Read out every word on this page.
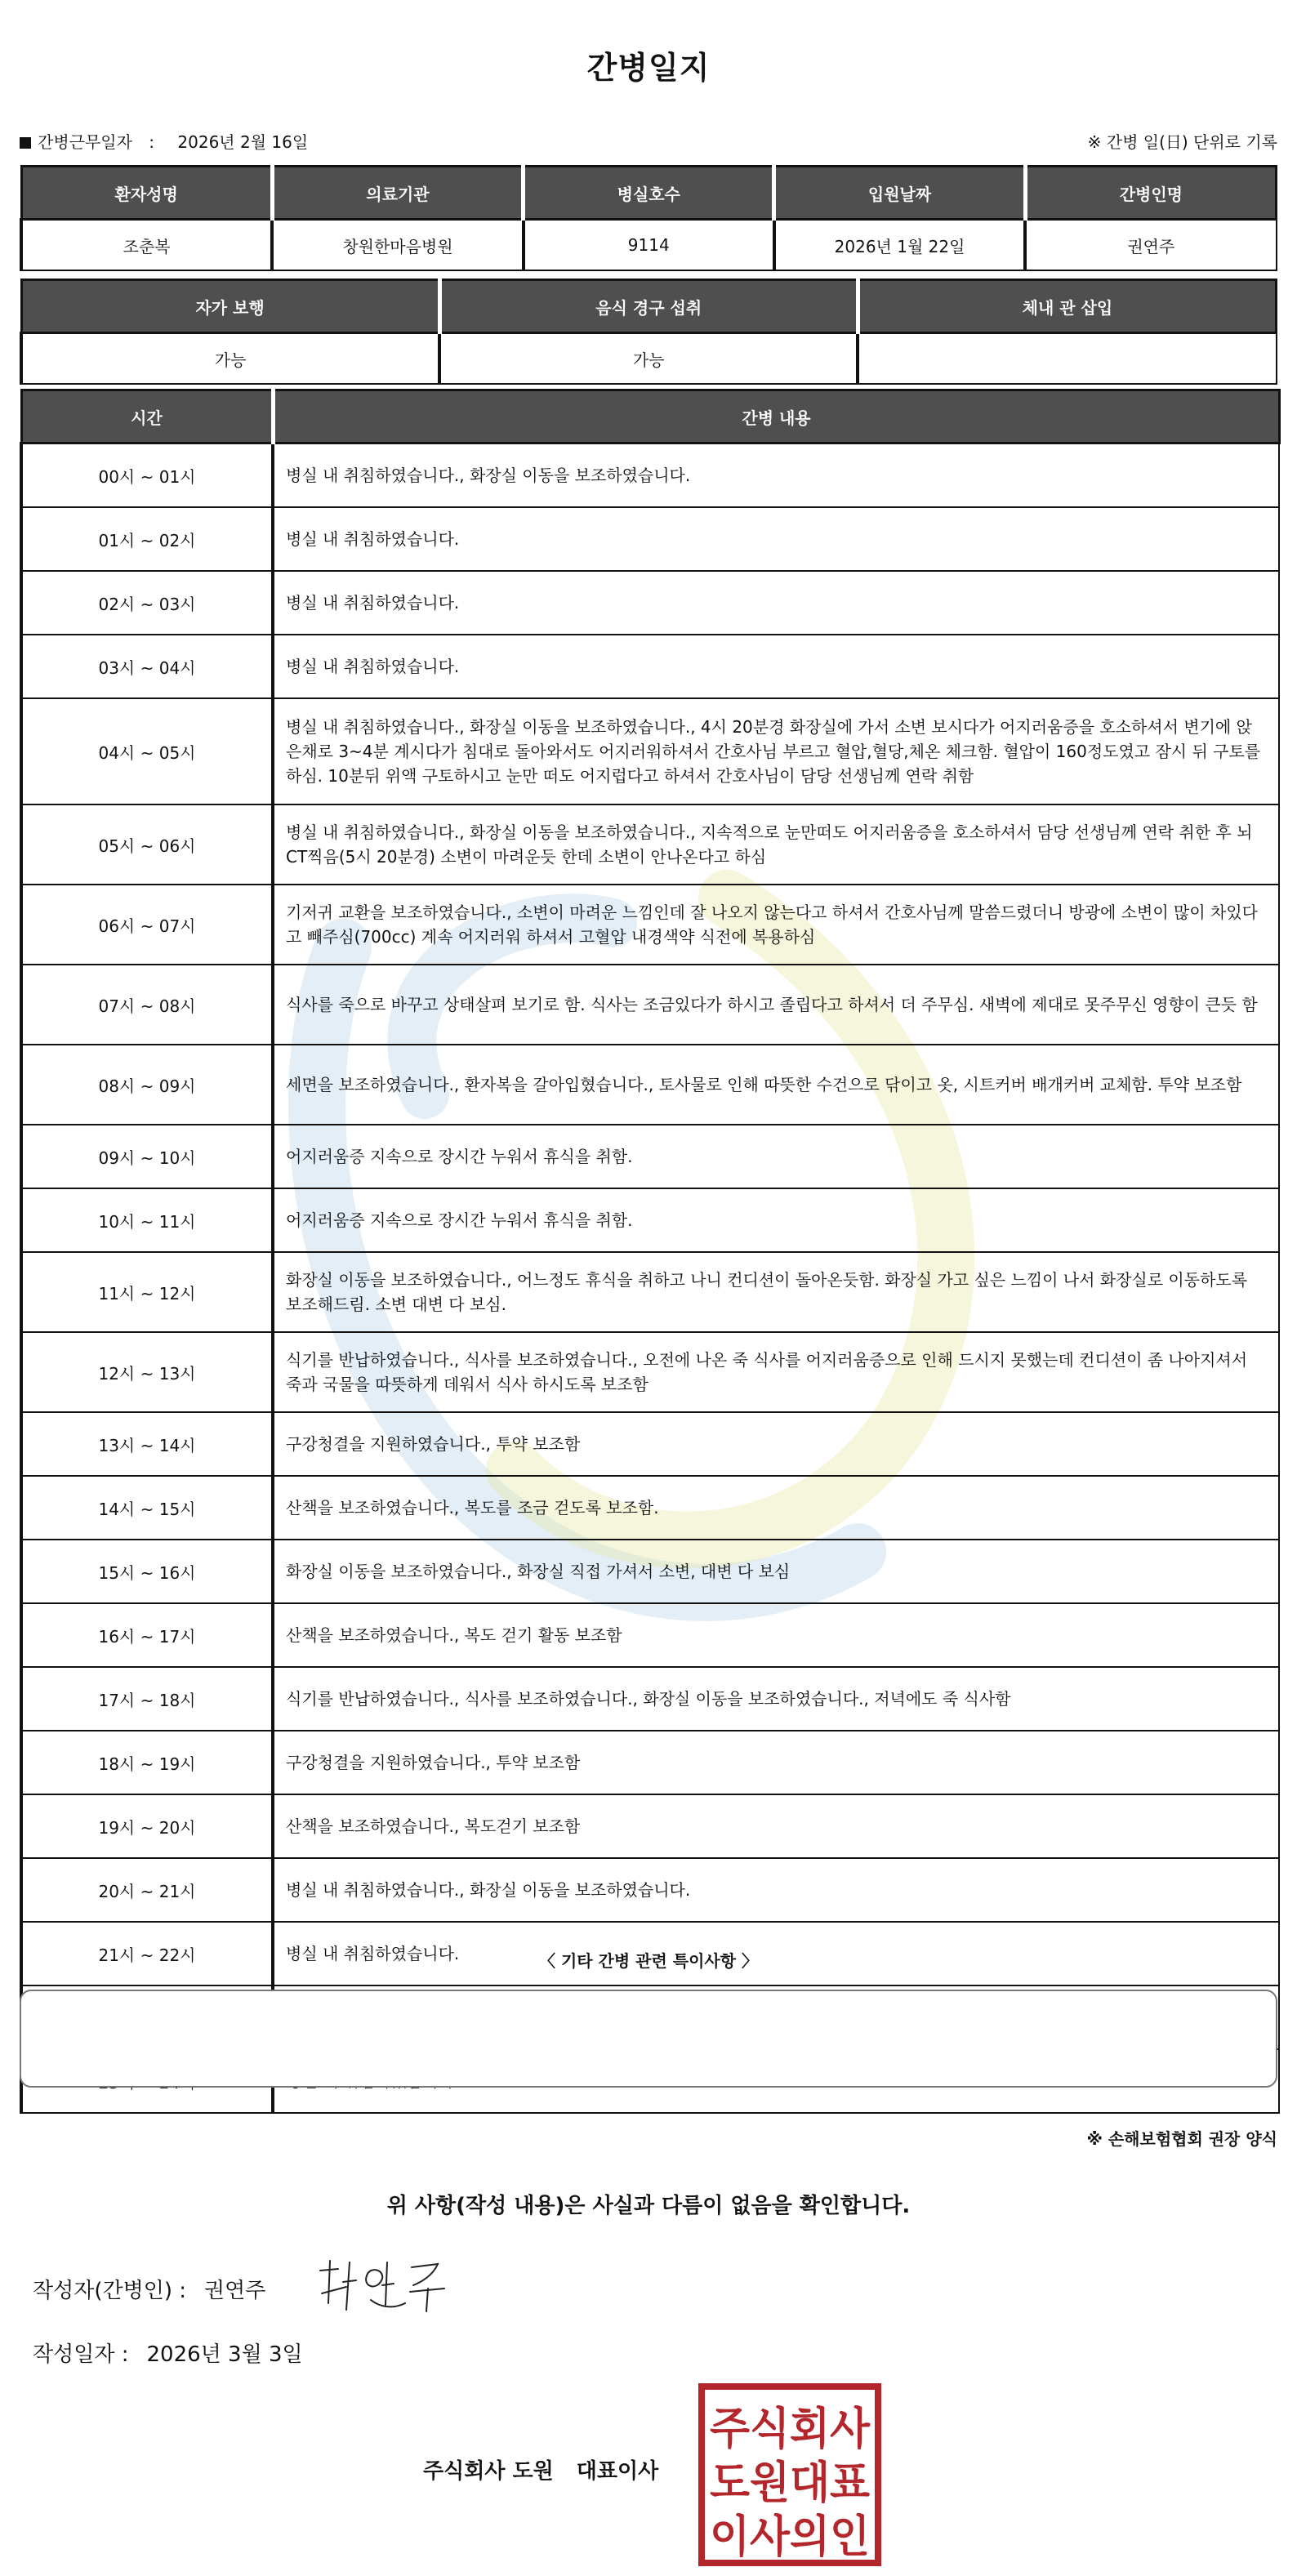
간병일지
간병근무일자 : 2026년 2월 16일	※ 간병 일(日) 단위로 기록
환자성명	의료기관	병실호수	입원날짜	간병인명
조춘복	창원한마음병원	9114	2026년 1월 22일	권연주
자가 보행	음식 경구 섭취	체내 관 삽입
가능	가능	
시간	간병 내용
00시 ~ 01시	병실 내 취침하였습니다., 화장실 이동을 보조하였습니다.
01시 ~ 02시	병실 내 취침하였습니다.
02시 ~ 03시	병실 내 취침하였습니다.
03시 ~ 04시	병실 내 취침하였습니다.
04시 ~ 05시	병실 내 취침하였습니다., 화장실 이동을 보조하였습니다., 4시 20분경 화장실에 가서 소변 보시다가 어지러움증을 호소하셔서 변기에 앉은채로 3~4분 계시다가 침대로 돌아와서도 어지러워하셔서 간호사님 부르고 혈압,혈당,체온 체크함. 혈압이 160정도였고 잠시 뒤 구토를 하심. 10분뒤 위액 구토하시고 눈만 떠도 어지럽다고 하셔서 간호사님이 담당 선생님께 연락 취함
05시 ~ 06시	병실 내 취침하였습니다., 화장실 이동을 보조하였습니다., 지속적으로 눈만떠도 어지러움증을 호소하셔서 담당 선생님께 연락 취한 후 뇌CT찍음(5시 20분경) 소변이 마려운듯 한데 소변이 안나온다고 하심
06시 ~ 07시	기저귀 교환을 보조하였습니다., 소변이 마려운 느낌인데 잘 나오지 않는다고 하셔서 간호사님께 말씀드렸더니 방광에 소변이 많이 차있다고 빼주심(700cc) 계속 어지러워 하셔서 고혈압 내경색약 식전에 복용하심
07시 ~ 08시	식사를 죽으로 바꾸고 상태살펴 보기로 함. 식사는 조금있다가 하시고 졸립다고 하셔서 더 주무심. 새벽에 제대로 못주무신 영향이 큰듯 함
08시 ~ 09시	세면을 보조하였습니다., 환자복을 갈아입혔습니다., 토사물로 인해 따뜻한 수건으로 닦이고 옷, 시트커버 배개커버 교체함. 투약 보조함
09시 ~ 10시	어지러움증 지속으로 장시간 누워서 휴식을 취함.
10시 ~ 11시	어지러움증 지속으로 장시간 누워서 휴식을 취함.
11시 ~ 12시	화장실 이동을 보조하였습니다., 어느정도 휴식을 취하고 나니 컨디션이 돌아온듯함. 화장실 가고 싶은 느낌이 나서 화장실로 이동하도록 보조해드림. 소변 대변 다 보심.
12시 ~ 13시	식기를 반납하였습니다., 식사를 보조하였습니다., 오전에 나온 죽 식사를 어지러움증으로 인해 드시지 못했는데 컨디션이 좀 나아지셔서 죽과 국물을 따뜻하게 데워서 식사 하시도록 보조함
13시 ~ 14시	구강청결을 지원하였습니다., 투약 보조함
14시 ~ 15시	산책을 보조하였습니다., 복도를 조금 걷도록 보조함.
15시 ~ 16시	화장실 이동을 보조하였습니다., 화장실 직접 가셔서 소변, 대변 다 보심
16시 ~ 17시	산책을 보조하였습니다., 복도 걷기 활동 보조함
17시 ~ 18시	식기를 반납하였습니다., 식사를 보조하였습니다., 화장실 이동을 보조하였습니다., 저녁에도 죽 식사함
18시 ~ 19시	구강청결을 지원하였습니다., 투약 보조함
19시 ~ 20시	산책을 보조하였습니다., 복도걷기 보조함
20시 ~ 21시	병실 내 취침하였습니다., 화장실 이동을 보조하였습니다.
21시 ~ 22시	병실 내 취침하였습니다.

		〈 기타 간병 관련 특이사항 〉
※ 손해보험협회 권장 양식
위 사항(작성 내용)은 사실과 다름이 없음을 확인합니다.
작성자(간병인) : 권연주
작성일자 : 2026년 3월 3일
주식회사 도원 대표이사
주식회사
도원대표
이사의인
